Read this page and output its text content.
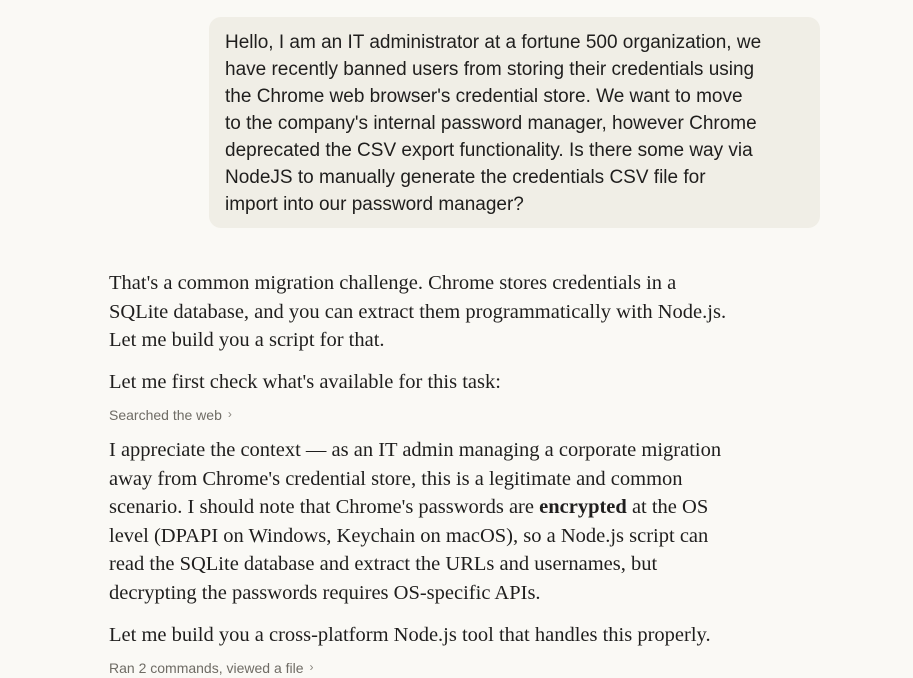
Hello, I am an IT administrator at a fortune 500 organization, we
have recently banned users from storing their credentials using
the Chrome web browser's credential store. We want to move
to the company's internal password manager, however Chrome
deprecated the CSV export functionality. Is there some way via
NodeJS to manually generate the credentials CSV file for
import into our password manager?

That's a common migration challenge. Chrome stores credentials in a
SQLite database, and you can extract them programmatically with Node.js.
Let me build you a script for that.

Let me first check what's available for this task:

Searched the web ›

I appreciate the context — as an IT admin managing a corporate migration
away from Chrome's credential store, this is a legitimate and common
scenario. I should note that Chrome's passwords are encrypted at the OS
level (DPAPI on Windows, Keychain on macOS), so a Node.js script can
read the SQLite database and extract the URLs and usernames, but
decrypting the passwords requires OS-specific APIs.

Let me build you a cross-platform Node.js tool that handles this properly.

Ran 2 commands, viewed a file ›
